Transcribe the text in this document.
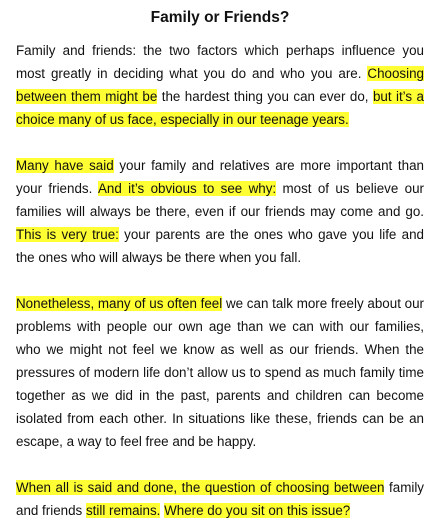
Family or Friends?

Family and friends: the two factors which perhaps influence you most greatly in deciding what you do and who you are. Choosing between them might be the hardest thing you can ever do, but it’s a choice many of us face, especially in our teenage years.

Many have said your family and relatives are more important than your friends. And it’s obvious to see why: most of us believe our families will always be there, even if our friends may come and go. This is very true: your parents are the ones who gave you life and the ones who will always be there when you fall.

Nonetheless, many of us often feel we can talk more freely about our problems with people our own age than we can with our families, who we might not feel we know as well as our friends. When the pressures of modern life don’t allow us to spend as much family time together as we did in the past, parents and children can become isolated from each other. In situations like these, friends can be an escape, a way to feel free and be happy.

When all is said and done, the question of choosing between family and friends still remains. Where do you sit on this issue?
